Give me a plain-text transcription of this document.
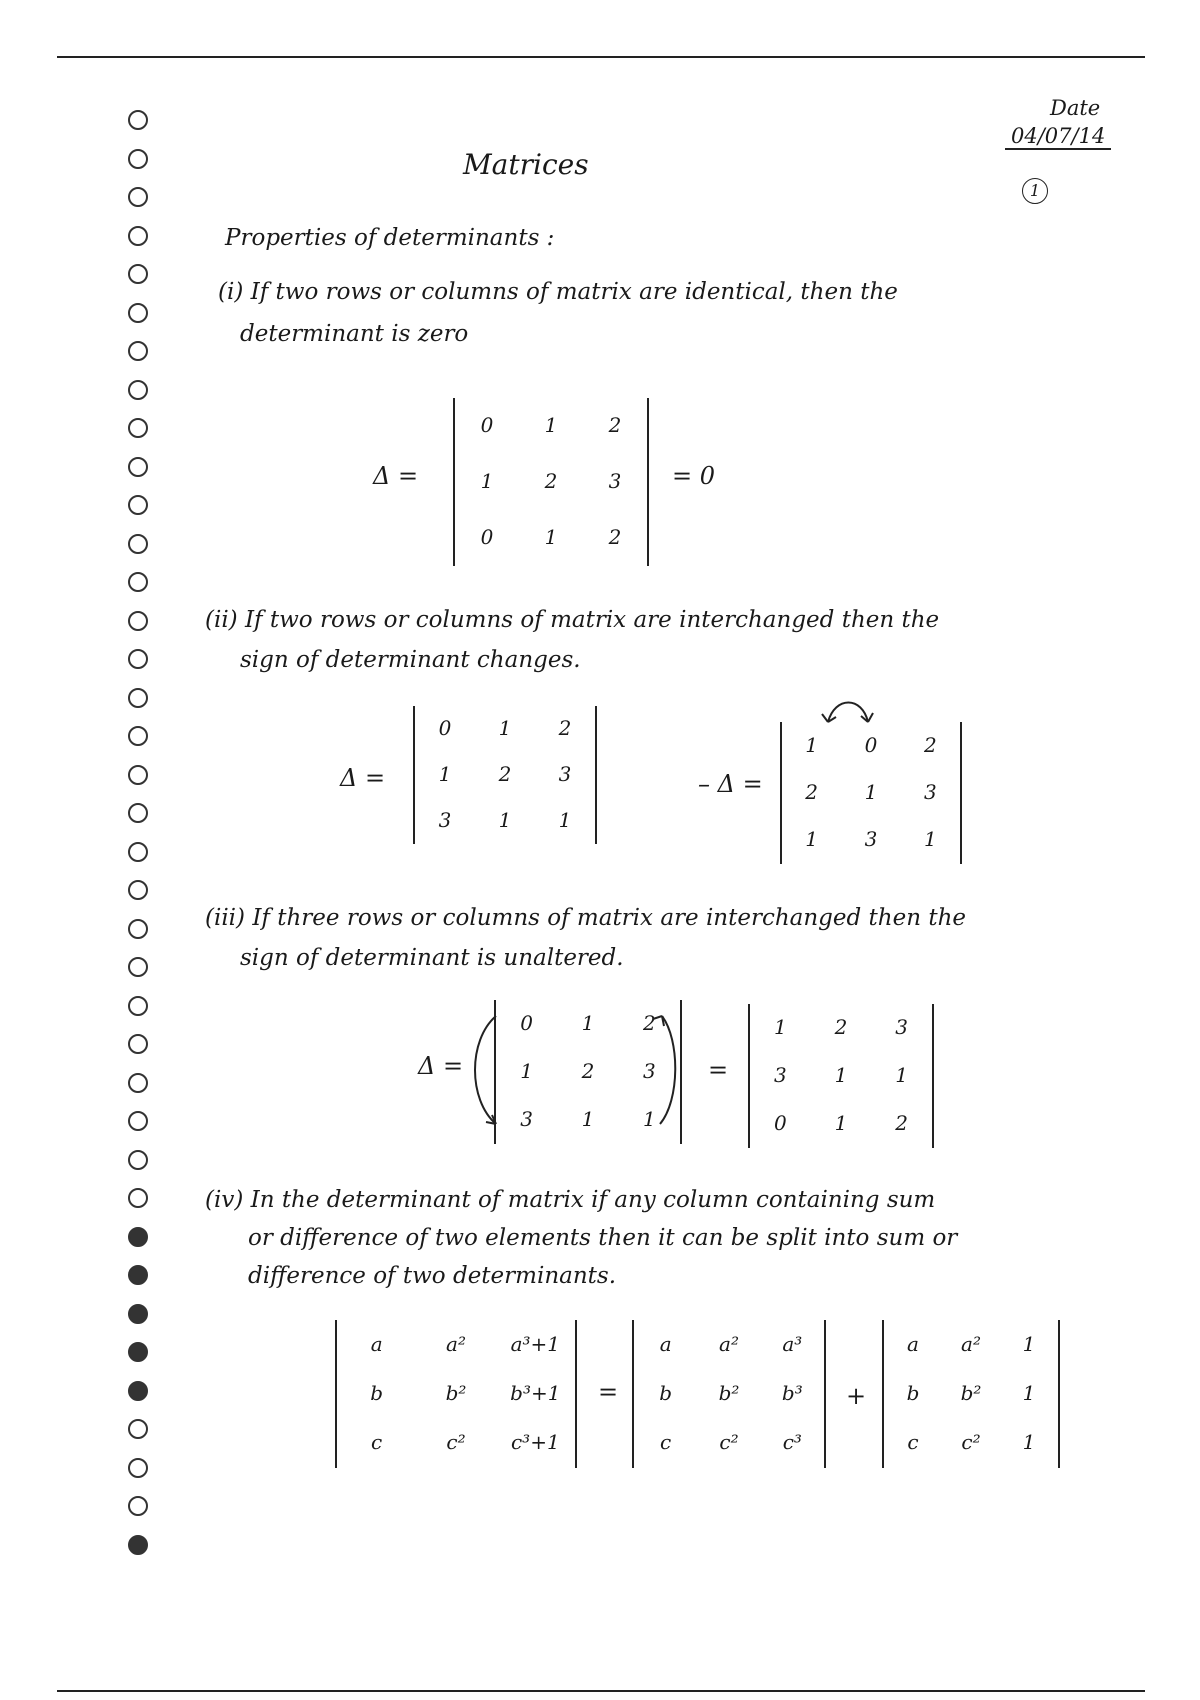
Date
04/07/14
1
Matrices
Properties of determinants :
(i) If two rows or columns of matrix are identical, then the
determinant is zero
Δ =
0	1	2
1	2	3
0	1	2
= 0
(ii) If two rows or columns of matrix are interchanged then the
sign of determinant changes.
Δ =
0	1	2
1	2	3
3	1	1
– Δ =
1	0	2
2	1	3
1	3	1
(iii) If three rows or columns of matrix are interchanged then the
sign of determinant is unaltered.
Δ =
0	1	2
1	2	3
3	1	1
=
1	2	3
3	1	1
0	1	2
(iv) In the determinant of matrix if any column containing sum
or difference of two elements then it can be split into sum or
difference of two determinants.
a	a²	a³+1
b	b²	b³+1
c	c²	c³+1
=
a	a²	a³
b	b²	b³
c	c²	c³
+
a	a²	1
b	b²	1
c	c²	1
